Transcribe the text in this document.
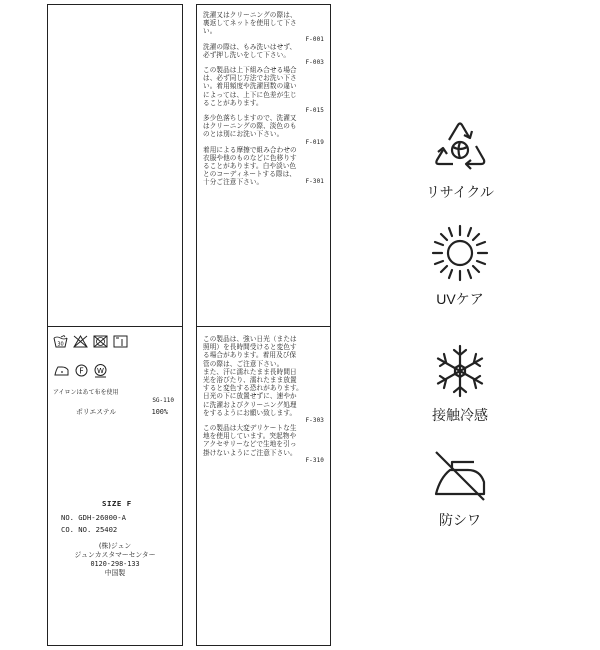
30
F W
アイロンはあて布を使用
SG-110
ポリエステル	100%
SIZE F
NO. GDH-26000-A
CO. NO. 25402
(株)ジュン
ジュンカスタマーセンター
0120-298-133
中国製
洗濯又はクリーニングの際は、
裏返してネットを使用して下さ
い。
F-001
洗濯の際は、もみ洗いはせず、
必ず押し洗いをして下さい。
F-003
この製品は上下組み合せる場合
は、必ず同じ方法でお洗い下さ
い。着用頻度や洗濯回数の違い
によっては、上下に色差が生じ
ることがあります。
F-015
多少色落ちしますので、洗濯又
はクリーニングの際、淡色のも
のとは別にお洗い下さい。
F-019
着用による摩擦で組み合わせの
衣服や他のものなどに色移りす
ることがあります。白や淡い色
とのコーディネートする際は、
十分ご注意下さい。	F-301
この製品は、強い日光（または
照明）を長時間受けると変色す
る場合があります。着用及び保
管の際は、ご注意下さい。
また、汗に濡れたまま長時間日
光を浴びたり、濡れたまま放置
すると変色する恐れがあります。
日光の下に放置せずに、速やか
に洗濯およびクリーニング処理
をするようにお願い致します。
F-303
この製品は大変デリケートな生
地を使用しています。突起物や
アクセサリーなどで生地を引っ
掛けないようにご注意下さい。
F-310
リサイクル
UVケア
接触冷感
防シワ
